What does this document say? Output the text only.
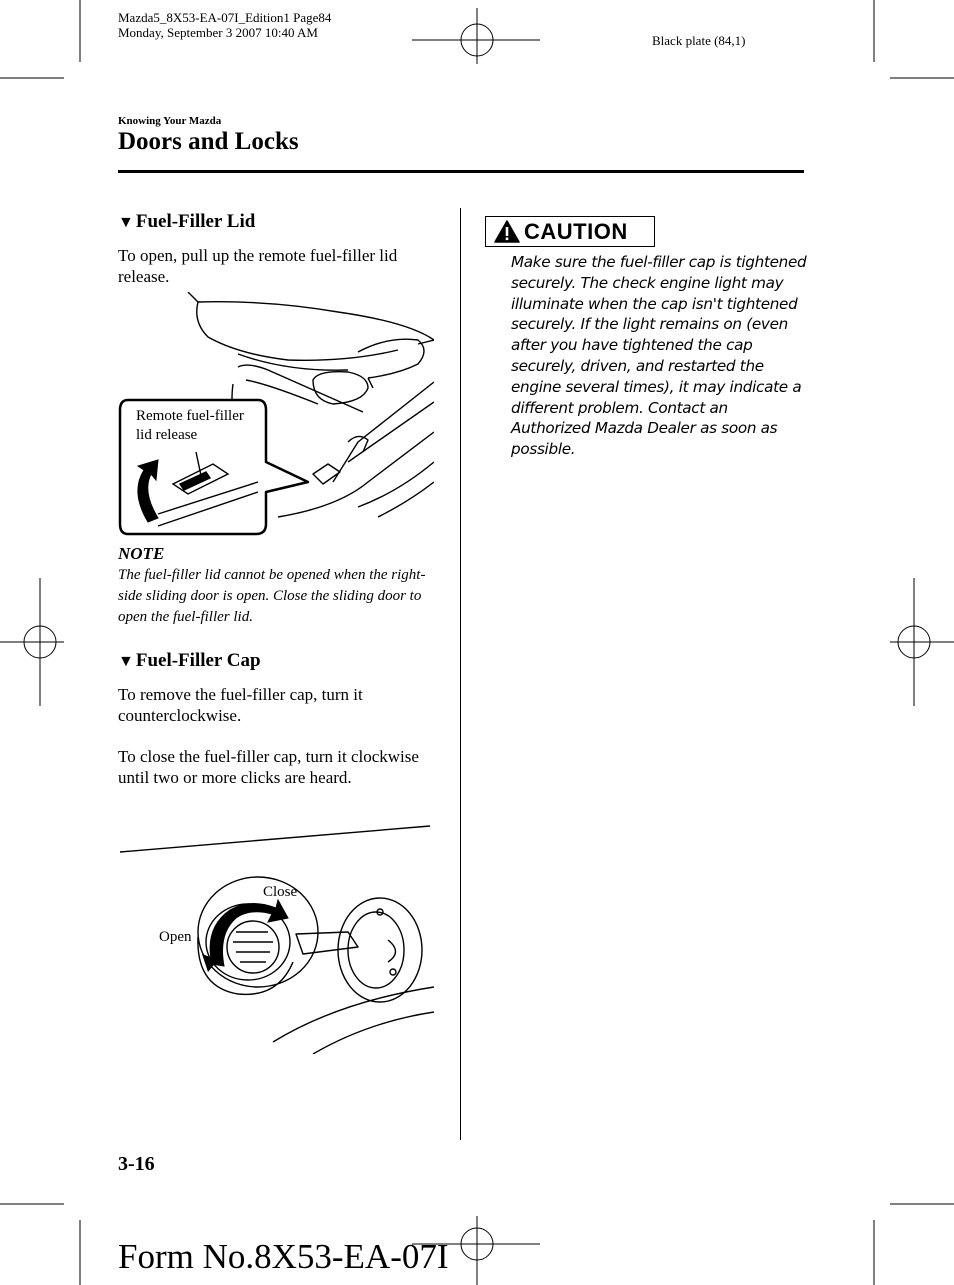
Mazda5_8X53-EA-07I_Edition1 Page84
Monday, September 3 2007 10:40 AM
Black plate (84,1)
Knowing Your Mazda
Doors and Locks
▼ Fuel-Filler Lid

To open, pull up the remote fuel-filler lid release.

Remote fuel-filler
lid release
NOTE

The fuel-filler lid cannot be opened when the right-side sliding door is open. Close the sliding door to open the fuel-filler lid.

▼ Fuel-Filler Cap

To remove the fuel-filler cap, turn it counterclockwise.

To close the fuel-filler cap, turn it clockwise until two or more clicks are heard.

Close
Open
CAUTION

Make sure the fuel-filler cap is tightened securely. The check engine light may illuminate when the cap isn't tightened securely. If the light remains on (even after you have tightened the cap securely, driven, and restarted the engine several times), it may indicate a different problem. Contact an Authorized Mazda Dealer as soon as possible.

3-16
Form No.8X53-EA-07I
